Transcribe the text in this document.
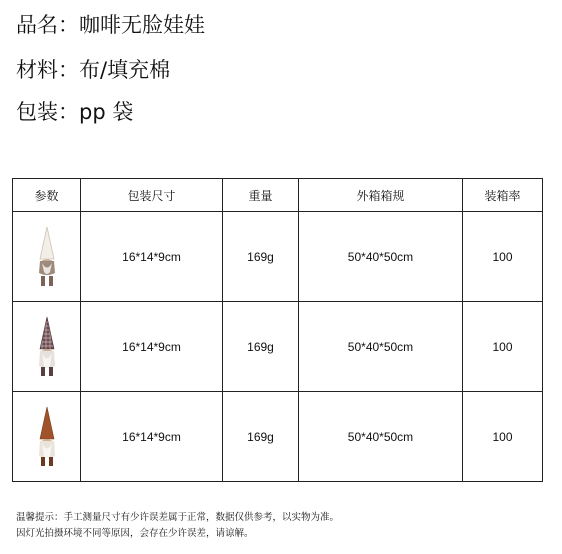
品名：咖啡无脸娃娃
材料：布/填充棉
包装：pp 袋
参数	包装尺寸	重量	外箱箱规	装箱率

	16*14*9cm	169g	50*40*50cm	100

	16*14*9cm	169g	50*40*50cm	100

	16*14*9cm	169g	50*40*50cm	100
温馨提示：手工测量尺寸有少许误差属于正常，数据仅供参考，以实物为准。
因灯光拍摄环境不同等原因，会存在少许误差，请谅解。
